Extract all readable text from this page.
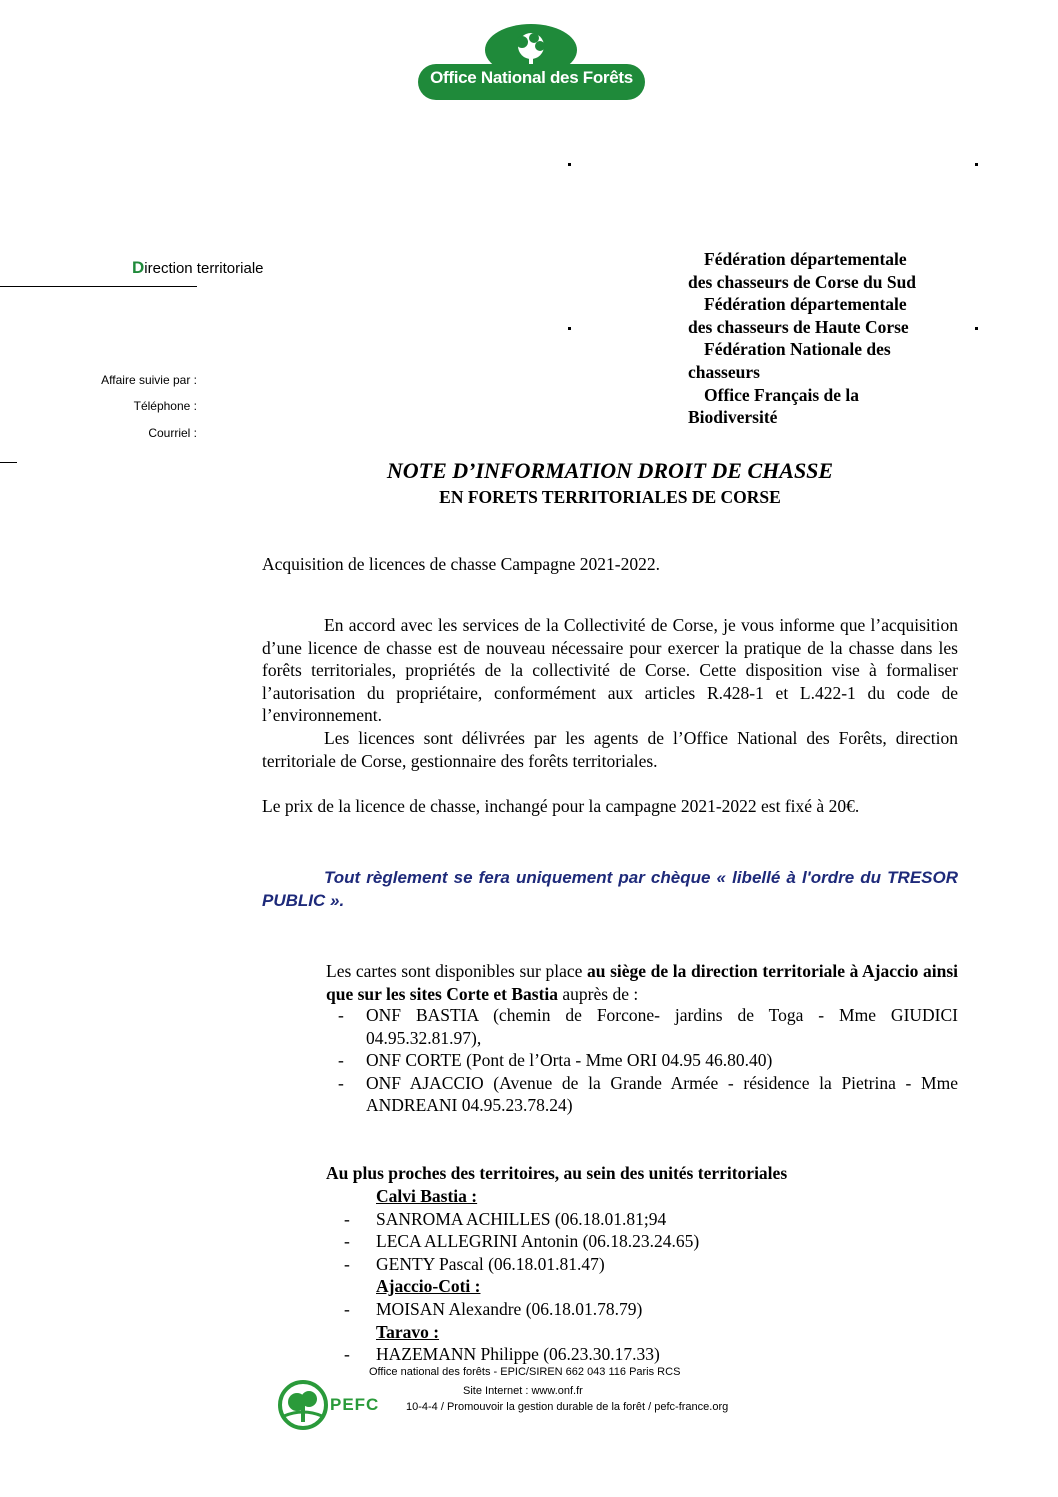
Office National des Forêts
Direction territoriale
Affaire suivie par :
Téléphone :
Courriel :
Fédération départementale
des chasseurs de Corse du Sud
Fédération départementale
des chasseurs de Haute Corse
Fédération Nationale des
chasseurs
Office Français de la
Biodiversité
NOTE D’INFORMATION DROIT DE CHASSE
EN FORETS TERRITORIALES DE CORSE
Acquisition de licences de chasse Campagne 2021-2022.
En accord avec les services de la Collectivité de Corse, je vous informe que l’acquisition d’une licence de chasse est de nouveau nécessaire pour exercer la pratique de la chasse dans les forêts territoriales, propriétés de la collectivité de Corse. Cette disposition vise à formaliser l’autorisation du propriétaire, conformément aux articles R.428-1 et L.422-1 du code de l’environnement.
Les licences sont délivrées par les agents de l’Office National des Forêts, direction territoriale de Corse, gestionnaire des forêts territoriales.
Le prix de la licence de chasse, inchangé pour la campagne 2021-2022 est fixé à 20€.
Tout règlement se fera uniquement par chèque « libellé à l'ordre du TRESOR PUBLIC ».
Les cartes sont disponibles sur place au siège de la direction territoriale à Ajaccio ainsi que sur les sites Corte et Bastia auprès de :
- ONF BASTIA (chemin de Forcone- jardins de Toga - Mme GIUDICI 04.95.32.81.97),
- ONF CORTE (Pont de l’Orta - Mme ORI 04.95 46.80.40)
- ONF AJACCIO (Avenue de la Grande Armée - résidence la Pietrina - Mme ANDREANI 04.95.23.78.24)
Au plus proches des territoires, au sein des unités territoriales
Calvi Bastia :
- SANROMA ACHILLES (06.18.01.81;94
- LECA ALLEGRINI Antonin (06.18.23.24.65)
- GENTY Pascal (06.18.01.81.47)
Ajaccio-Coti :
- MOISAN Alexandre (06.18.01.78.79)
Taravo :
- HAZEMANN Philippe (06.23.30.17.33)
Office national des forêts - EPIC/SIREN 662 043 116 Paris RCS
Site Internet : www.onf.fr
PEFC 10-4-4 / Promouvoir la gestion durable de la forêt / pefc-france.org
